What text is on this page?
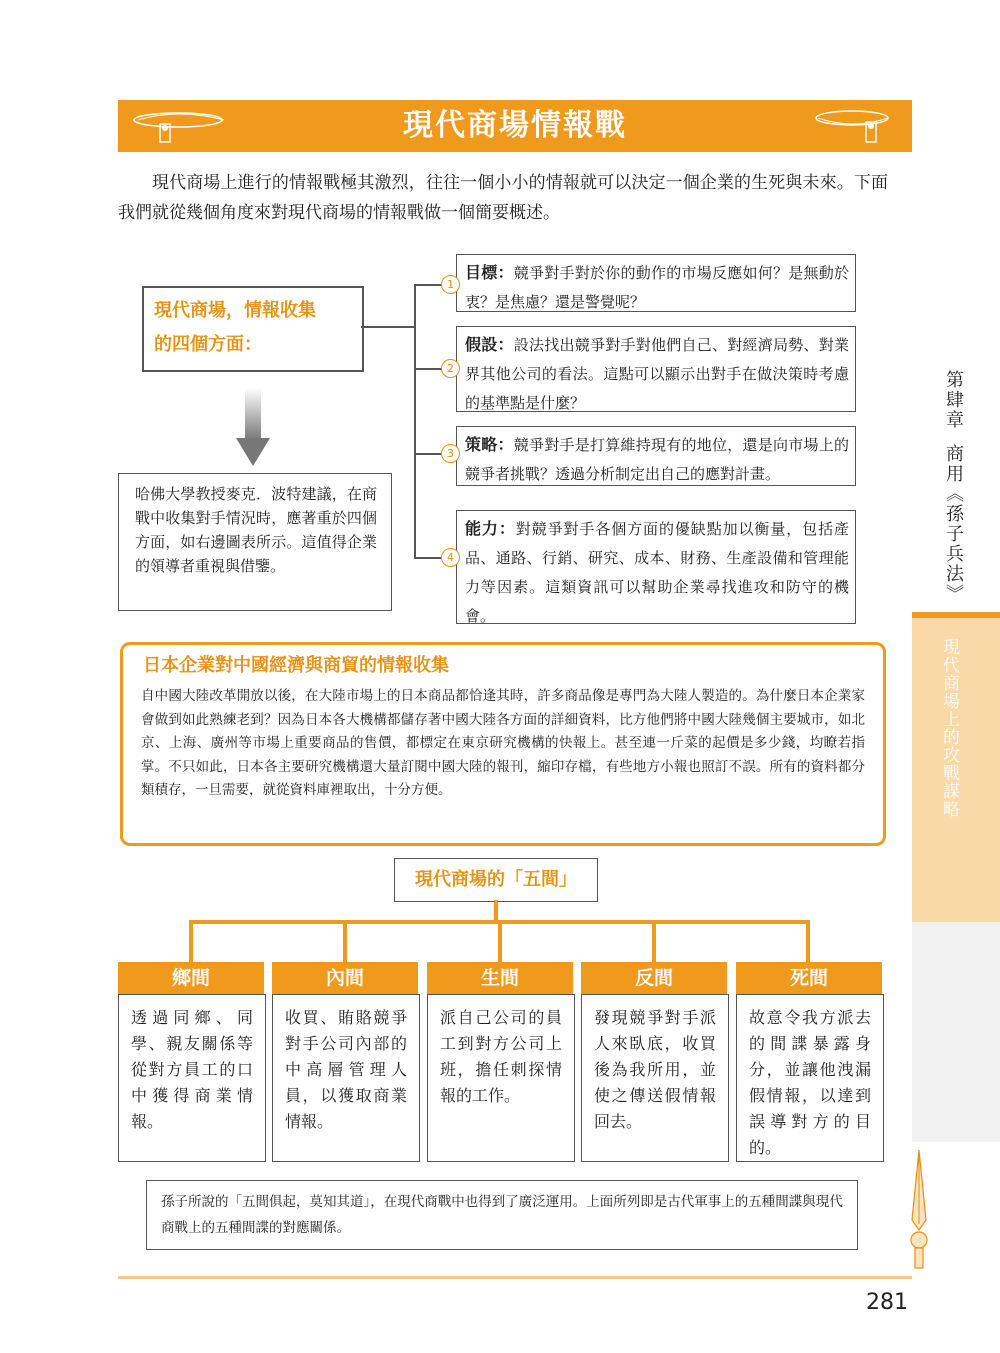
現代商場情報戰
現代商場上進行的情報戰極其激烈，往往一個小小的情報就可以決定一個企業的生死與未來。下面我們就從幾個角度來對現代商場的情報戰做一個簡要概述。
現代商場，情報收集
的四個方面：
哈佛大學教授麥克．波特建議，在商戰中收集對手情況時，應著重於四個方面，如右邊圖表所示。這值得企業的領導者重視與借鑒。
目標：競爭對手對於你的動作的市場反應如何？是無動於衷？是焦慮？還是警覺呢？
1
假設：設法找出競爭對手對他們自己、對經濟局勢、對業界其他公司的看法。這點可以顯示出對手在做決策時考慮的基準點是什麼？
2
策略：競爭對手是打算維持現有的地位，還是向市場上的競爭者挑戰？透過分析制定出自己的應對計畫。
3
能力：對競爭對手各個方面的優缺點加以衡量，包括產品、通路、行銷、研究、成本、財務、生產設備和管理能力等因素。這類資訊可以幫助企業尋找進攻和防守的機會。
4
日本企業對中國經濟與商貿的情報收集
自中國大陸改革開放以後，在大陸市場上的日本商品都恰逢其時，許多商品像是專門為大陸人製造的。為什麼日本企業家會做到如此熟練老到？因為日本各大機構都儲存著中國大陸各方面的詳細資料，比方他們將中國大陸幾個主要城市，如北京、上海、廣州等市場上重要商品的售價，都標定在東京研究機構的快報上。甚至連一斤菜的起價是多少錢，均瞭若指掌。不只如此，日本各主要研究機構還大量訂閱中國大陸的報刊，縮印存檔，有些地方小報也照訂不誤。所有的資料都分類積存，一旦需要，就從資料庫裡取出，十分方便。
現代商場的「五間」
鄉間
透過同鄉、同學、親友關係等從對方員工的口中獲得商業情報。
內間
收買、賄賂競爭對手公司內部的中高層管理人員，以獲取商業情報。
生間
派自己公司的員工到對方公司上班，擔任刺探情報的工作。
反間
發現競爭對手派人來臥底，收買後為我所用，並使之傳送假情報回去。
死間
故意令我方派去的間諜暴露身分，並讓他洩漏假情報，以達到誤導對方的目的。
孫子所說的「五間俱起，莫知其道」，在現代商戰中也得到了廣泛運用。上面所列即是古代軍事上的五種間諜與現代商戰上的五種間諜的對應關係。
281
現代商場上的攻戰謀略
第肆章
商用《孫子兵法》
